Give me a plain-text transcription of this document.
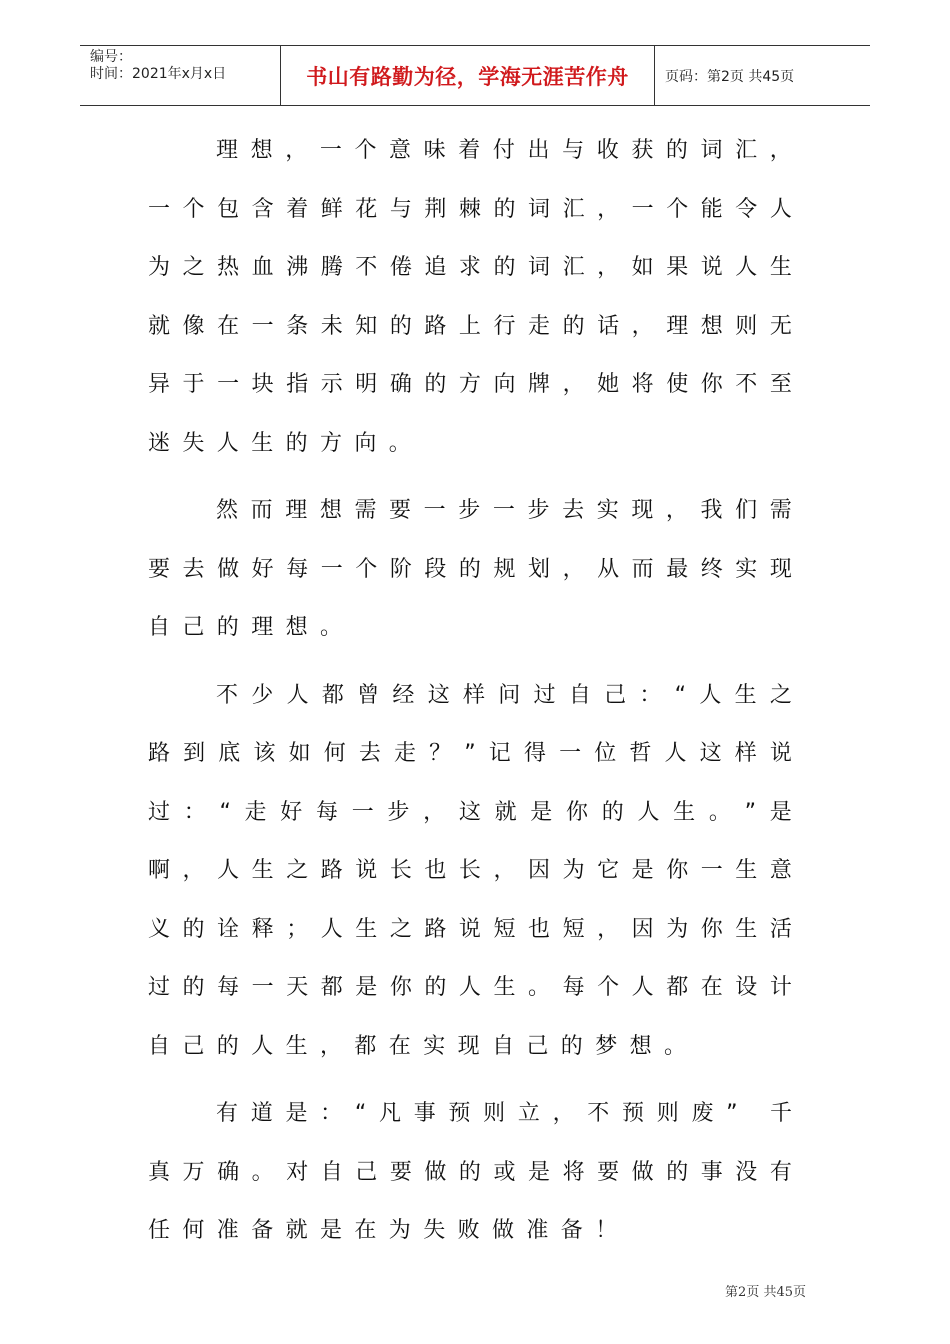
编号：
时间：2021年x月x日	书山有路勤为径，学海无涯苦作舟	页码：第2页 共45页
理 想 ， 一 个 意 味 着 付 出 与 收 获 的 词 汇 ，
一 个 包 含 着 鲜 花 与 荆 棘 的 词 汇 ， 一 个 能 令 人
为 之 热 血 沸 腾 不 倦 追 求 的 词 汇 ， 如 果 说 人 生
就 像 在 一 条 未 知 的 路 上 行 走 的 话 ， 理 想 则 无
异 于 一 块 指 示 明 确 的 方 向 牌 ， 她 将 使 你 不 至
迷失人生的方向。
然 而 理 想 需 要 一 步 一 步 去 实 现 ， 我 们 需
要 去 做 好 每 一 个 阶 段 的 规 划 ， 从 而 最 终 实 现
自己的理想。
不 少 人 都 曾 经 这 样 问 过 自 己 ： “ 人 生 之
路 到 底 该 如 何 去 走 ？ ” 记 得 一 位 哲 人 这 样 说
过 ： “ 走 好 每 一 步 ， 这 就 是 你 的 人 生 。 ” 是
啊 ， 人 生 之 路 说 长 也 长 ， 因 为 它 是 你 一 生 意
义 的 诠 释 ； 人 生 之 路 说 短 也 短 ， 因 为 你 生 活
过 的 每 一 天 都 是 你 的 人 生 。 每 个 人 都 在 设 计
自己的人生，都在实现自己的梦想。
有 道 是 ： “ 凡 事 预 则 立 ， 不 预 则 废 ”
千
真 万 确 。 对 自 己 要 做 的 或 是 将 要 做 的 事 没 有
任何准备就是在为失败做准备！
第2页 共45页
